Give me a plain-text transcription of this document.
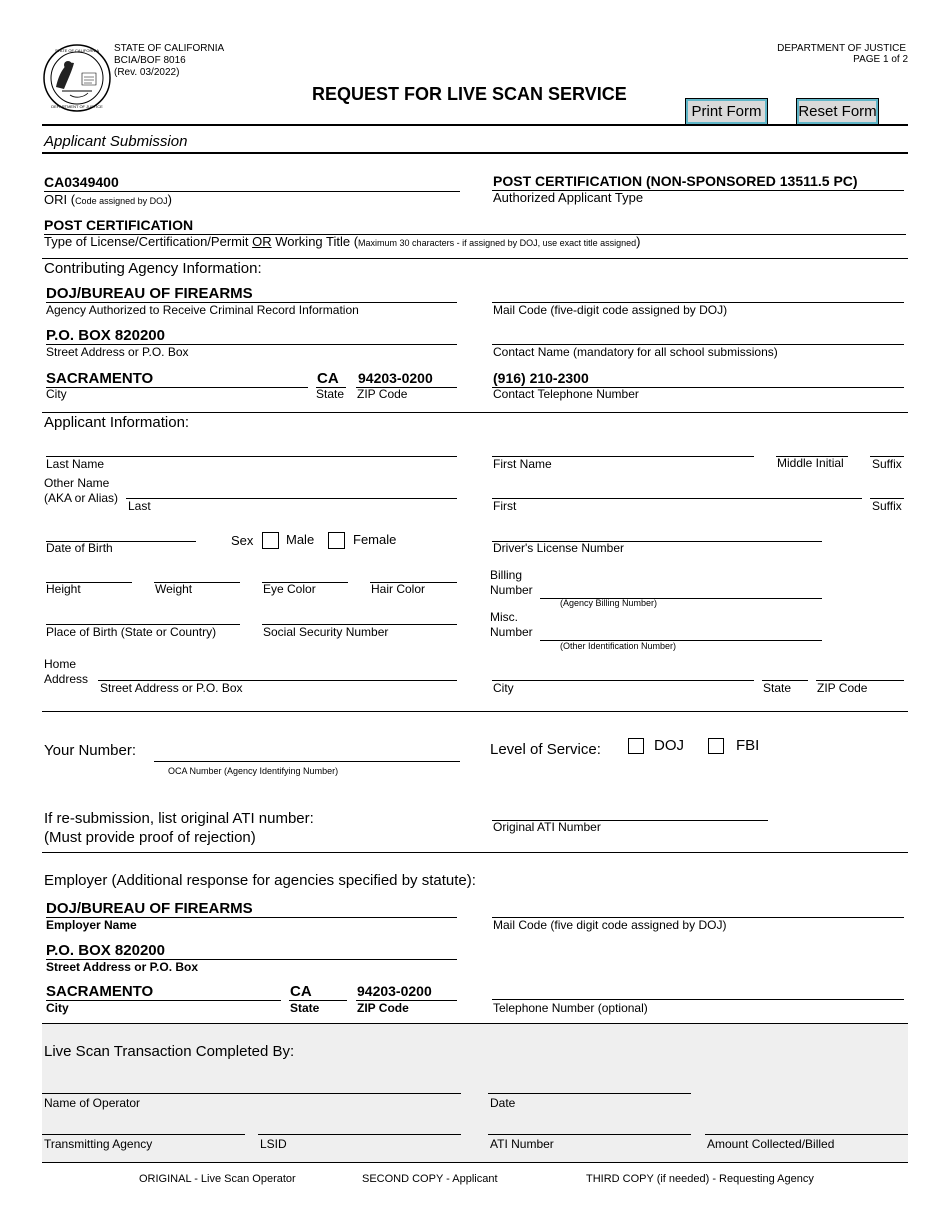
STATE OF CALIFORNIA
DEPARTMENT OF JUSTICE
STATE OF CALIFORNIA
BCIA/BOF 8016
(Rev. 03/2022)
DEPARTMENT OF JUSTICE
PAGE 1 of 2
REQUEST FOR LIVE SCAN SERVICE
Print Form	Reset Form
Applicant Submission
CA0349400
ORI (Code assigned by DOJ)
POST CERTIFICATION (NON-SPONSORED 13511.5 PC)
Authorized Applicant Type
POST CERTIFICATION
Type of License/Certification/Permit OR Working Title (Maximum 30 characters - if assigned by DOJ, use exact title assigned)
Contributing Agency Information:
DOJ/BUREAU OF FIREARMS
Agency Authorized to Receive Criminal Record Information	Mail Code (five-digit code assigned by DOJ)
P.O. BOX 820200
Street Address or P.O. Box	Contact Name (mandatory for all school submissions)
SACRAMENTO	CA 94203-0200
City	State ZIP Code
(916) 210-2300
Contact Telephone Number
Applicant Information:
Last Name	First Name	Middle Initial Suffix
Other Name
(AKA or Alias)
Last	First	Suffix
Date of Birth	Sex	Male	Female
Driver's License Number
Height	Weight	Eye Color	Hair Color
Billing
Number
(Agency Billing Number)
Place of Birth (State or Country)	Social Security Number
Misc.
Number
(Other Identification Number)
Home
Address
Street Address or P.O. Box	City	State ZIP Code
Your Number:
OCA Number (Agency Identifying Number)
Level of Service:	DOJ	FBI
If re-submission, list original ATI number:
(Must provide proof of rejection)
Original ATI Number
Employer (Additional response for agencies specified by statute):
DOJ/BUREAU OF FIREARMS
Employer Name	Mail Code (five digit code assigned by DOJ)
P.O. BOX 820200
Street Address or P.O. Box
SACRAMENTO	CA	94203-0200
City	State	ZIP Code	Telephone Number (optional)
Live Scan Transaction Completed By:
Name of Operator	Date
Transmitting Agency	LSID	ATI Number	Amount Collected/Billed
ORIGINAL - Live Scan Operator	SECOND COPY - Applicant	THIRD COPY (if needed) - Requesting Agency
